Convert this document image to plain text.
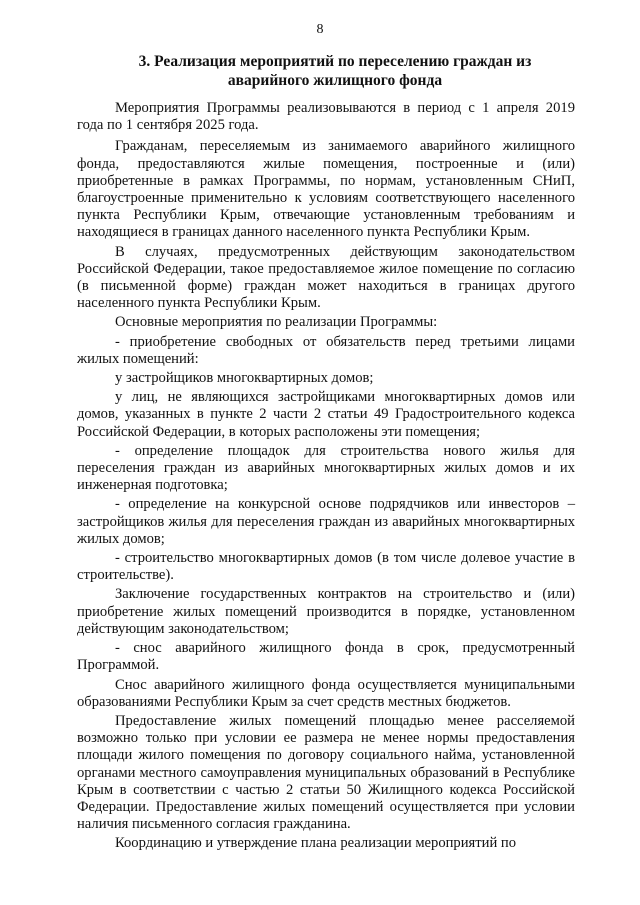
8
3. Реализация мероприятий по переселению граждан из аварийного жилищного фонда

Мероприятия Программы реализовываются в период с 1 апреля 2019 года по 1 сентября 2025 года.

Гражданам, переселяемым из занимаемого аварийного жилищного фонда, предоставляются жилые помещения, построенные и (или) приобретенные в рамках Программы, по нормам, установленным СНиП, благоустроенные применительно к условиям соответствующего населенного пункта Республики Крым, отвечающие установленным требованиям и находящиеся в границах данного населенного пункта Республики Крым.

В случаях, предусмотренных действующим законодательством Российской Федерации, такое предоставляемое жилое помещение по согласию (в письменной форме) граждан может находиться в границах другого населенного пункта Республики Крым.

Основные мероприятия по реализации Программы:

- приобретение свободных от обязательств перед третьими лицами жилых помещений:

у застройщиков многоквартирных домов;

у лиц, не являющихся застройщиками многоквартирных домов или домов, указанных в пункте 2 части 2 статьи 49 Градостроительного кодекса Российской Федерации, в которых расположены эти помещения;

- определение площадок для строительства нового жилья для переселения граждан из аварийных многоквартирных жилых домов и их инженерная подготовка;

- определение на конкурсной основе подрядчиков или инвесторов – застройщиков жилья для переселения граждан из аварийных многоквартирных жилых домов;

- строительство многоквартирных домов (в том числе долевое участие в строительстве).

Заключение государственных контрактов на строительство и (или) приобретение жилых помещений производится в порядке, установленном действующим законодательством;

- снос аварийного жилищного фонда в срок, предусмотренный Программой.

Снос аварийного жилищного фонда осуществляется муниципальными образованиями Республики Крым за счет средств местных бюджетов.

Предоставление жилых помещений площадью менее расселяемой возможно только при условии ее размера не менее нормы предоставления площади жилого помещения по договору социального найма, установленной органами местного самоуправления муниципальных образований в Республике Крым в соответствии с частью 2 статьи 50 Жилищного кодекса Российской Федерации. Предоставление жилых помещений осуществляется при условии наличия письменного согласия гражданина.

Координацию и утверждение плана реализации мероприятий по
